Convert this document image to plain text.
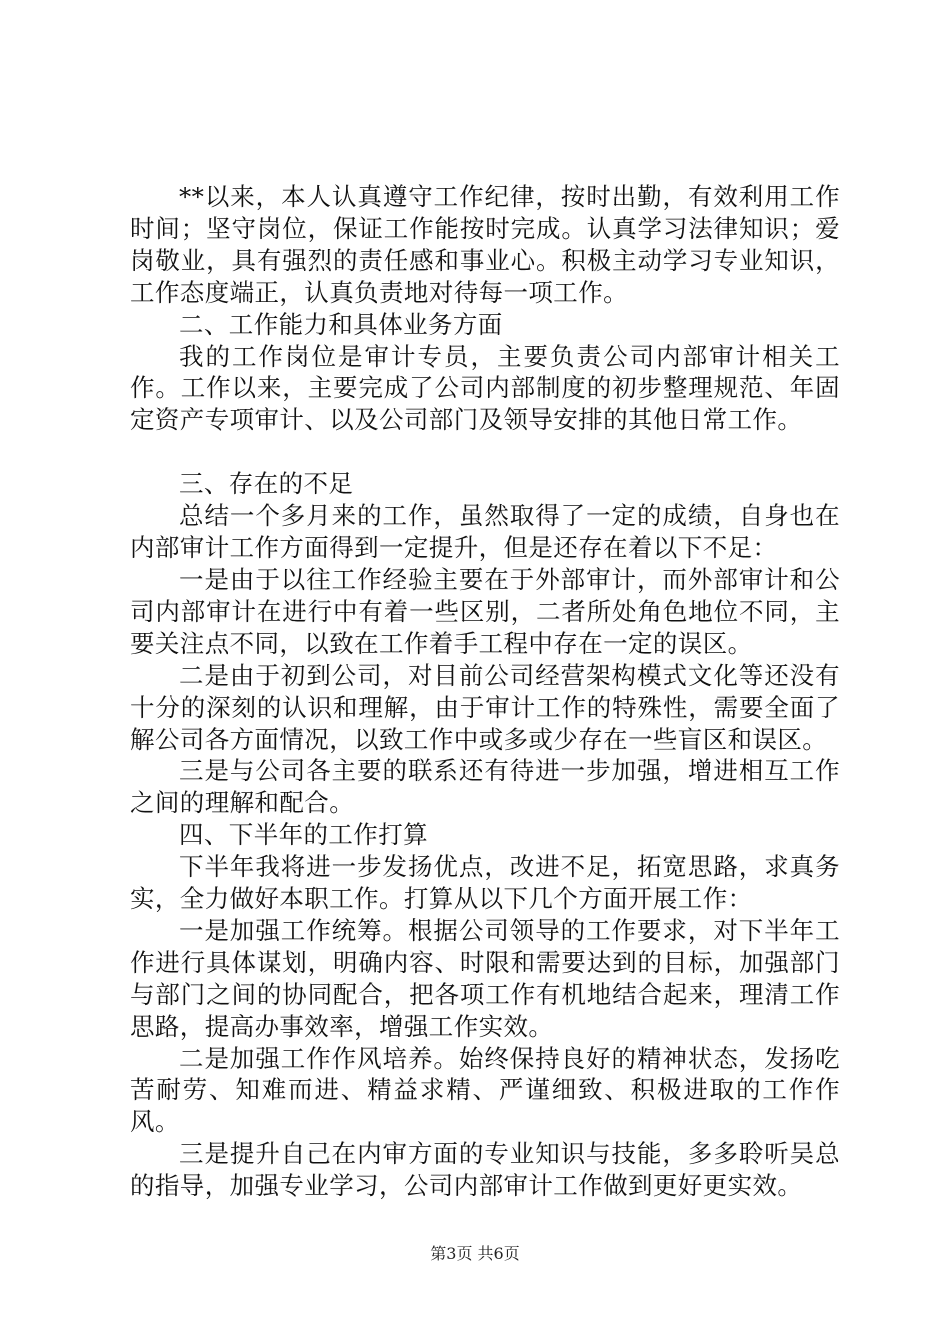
**以来，本人认真遵守工作纪律，按时出勤，有效利用工作时间；坚守岗位，保证工作能按时完成。认真学习法律知识；爱岗敬业，具有强烈的责任感和事业心。积极主动学习专业知识，工作态度端正，认真负责地对待每一项工作。

二、工作能力和具体业务方面

我的工作岗位是审计专员，主要负责公司内部审计相关工作。工作以来，主要完成了公司内部制度的初步整理规范、年固定资产专项审计、以及公司部门及领导安排的其他日常工作。

三、存在的不足

总结一个多月来的工作，虽然取得了一定的成绩，自身也在内部审计工作方面得到一定提升，但是还存在着以下不足：

一是由于以往工作经验主要在于外部审计，而外部审计和公司内部审计在进行中有着一些区别，二者所处角色地位不同，主要关注点不同，以致在工作着手工程中存在一定的误区。

二是由于初到公司，对目前公司经营架构模式文化等还没有十分的深刻的认识和理解，由于审计工作的特殊性，需要全面了解公司各方面情况，以致工作中或多或少存在一些盲区和误区。

三是与公司各主要的联系还有待进一步加强，增进相互工作之间的理解和配合。

四、下半年的工作打算

下半年我将进一步发扬优点，改进不足，拓宽思路，求真务实，全力做好本职工作。打算从以下几个方面开展工作：

一是加强工作统筹。根据公司领导的工作要求，对下半年工作进行具体谋划，明确内容、时限和需要达到的目标，加强部门与部门之间的协同配合，把各项工作有机地结合起来，理清工作思路，提高办事效率，增强工作实效。

二是加强工作作风培养。始终保持良好的精神状态，发扬吃苦耐劳、知难而进、精益求精、严谨细致、积极进取的工作作风。

三是提升自己在内审方面的专业知识与技能，多多聆听吴总的指导，加强专业学习，公司内部审计工作做到更好更实效。

第3页 共6页
